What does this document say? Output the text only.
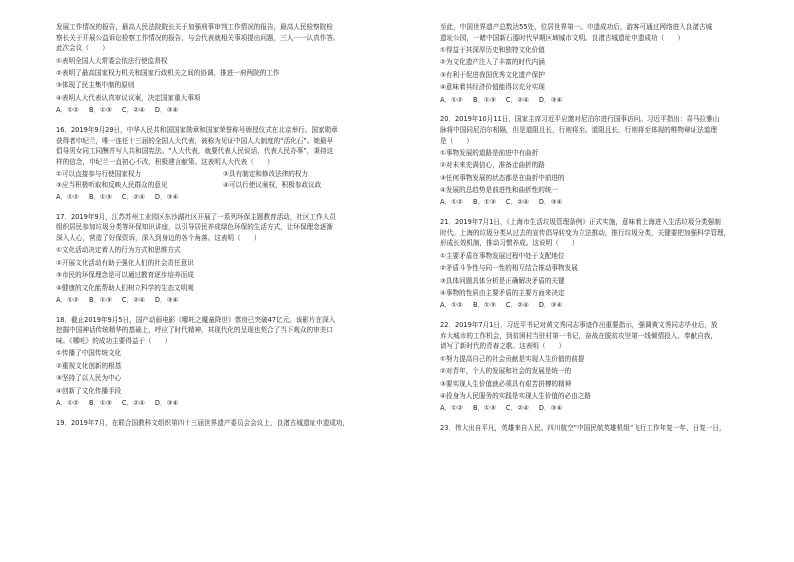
发展工作情况的报告，最高人民法院院长关于加强刑事审判工作情况的报告，最高人民检察院检
察长关于开展公益诉讼检察工作情况的报告，与会代表就相关事项提出问题，三人一一认真作答。
此次会议（　　）
①表明全国人大常委会依法行使监督权
②表明了最高国家权力机关和国家行政机关之间的协调，推进一府两院的工作
③体现了民主集中制的原则
④表明人大代表认真审议议案，决定国家重大事项
A．①② B．①③ C．②④ D．③④
16．2019年9月29日，中华人民共和国国家勋章和国家荣誉称号颁授仪式在北京举行。国家勋章
获得者申纪兰，唯一连任十三届的全国人大代表，被称为见证中国人大制度的“活化石”。她最早
倡导男女同工同酬并写入共和国宪法。“人大代表，就要代表人民说话，代表人民办事”，秉持这
样的信念，申纪兰一直初心不改，积极建言献策。这表明人大代表（　　）
①可以直接参与行使国家权力	②具有制定和修改法律的权力
③应当积极听取和反映人民群众的意见	④可以行使议案权，积极参政议政
A．①② B．①③ C．②④ D．③④
17．2019年9月，江苏苏州工业园区东沙湖社区开展了一系列环保主题教育活动，社区工作人员
组织居民参加垃圾分类等环保知识讲座，以引导居民养成绿色环保的生活方式，让环保理念逐渐
深入人心，营造了好保资诉，深入到身边的各个角落。这表明（　　）
①文化活动决定着人的行为方式和思维方式
②开展文化活动有助于强化人们的社会责任意识
③市民的环保理念是可以通过教育逐步培养而成
④健康的文化能帮助人们树立科学的生态文明观
A．①② B．①③ C．②④ D．③④
18．截止2019年9月5日，国产动画电影《哪吒之魔童降世》票房已突破47亿元。该影片在深入
挖掘中国神话传统精华的基础上，呼应了时代精神，其现代化的呈现也契合了当下观众的审美口
味。《哪吒》的成功主要得益于（　　）
①传播了中国传统文化
②重视文化创新的根基
③坚持了以人民为中心
④创新了文化传播手段
A．①② B．①③ C．②④ D．③④
19．2019年7月，在联合国教科文组织第四十三届世界遗产委员会会议上，良渚古城遗址申遗成功，
至此，中国世界遗产总数达55处，位居世界第一。申遗成功后，游客可通过网络进入良渚古城
遗址公园，一睹中国新石器时代早期区域城市文明。良渚古城遗址申遗成功（　　）
①得益于其深厚历史和独特文化价值
②为文化遗产注入了丰富的时代内涵
③有利于促进我国优秀文化遗产保护
④意味着其经济价值能得以充分实现
A．①② B．①③ C．②④ D．③④
20．2019年10月11日，国家主席习近平应邀对尼泊尔进行国事访问。习近平指出：喜马拉雅山
脉将中国同尼泊尔相隔，但是道阻且长，行则将至。道阻且长，行则将至体现的唯物辩证法道理
是（　　）
①事物发展的道路是前进中有曲折
②对未来充满信心，准备走曲折的路
③任何事物发展的状态都是在曲折中前进的
④发展的总趋势是前进性和曲折性的统一
A．①② B．①③ C．②④ D．③④
21．2019年7月1日，《上海市生活垃圾管理条例》正式实施，意味着上海进入生活垃圾分类强制
时代。上海的垃圾分类从过去的宣传倡导转变为立法推动，推行垃圾分类，关键要把加强科学管理，
形成长效机制，推动习惯养成。这说明（　　）
①主要矛盾在事物发展过程中处于支配地位
②矛盾斗争性与同一性的相互结合推动事物发展
③具体问题具体分析是正确解决矛盾的关键
④事物的性质由主要矛盾的主要方面来决定
A．①② B．①③ C．②④ D．③④
22．2019年7月1日，习近平书记对黄文秀同志事迹作出重要指示，强调黄文秀同志毕业后，放
弃大城市的工作机会，到贫困村当驻村第一书记，奋战在脱贫攻坚第一线倾情投入、奉献自我，
谱写了新时代的青春之歌。这表明（　　）
①努力提高自己的社会贡献是实现人生价值的前提
②对青年，个人的发展和社会的发展是统一的
③要实现人生价值就必须具有艰苦拼搏的精神
④投身为人民服务的实践是实现人生价值的必由之路
A．①② B．①③ C．②④ D．③④
23．伟大出自平凡，英雄来自人民。四川航空“中国民航英雄机组”飞行工作年复一年、日复一日，
